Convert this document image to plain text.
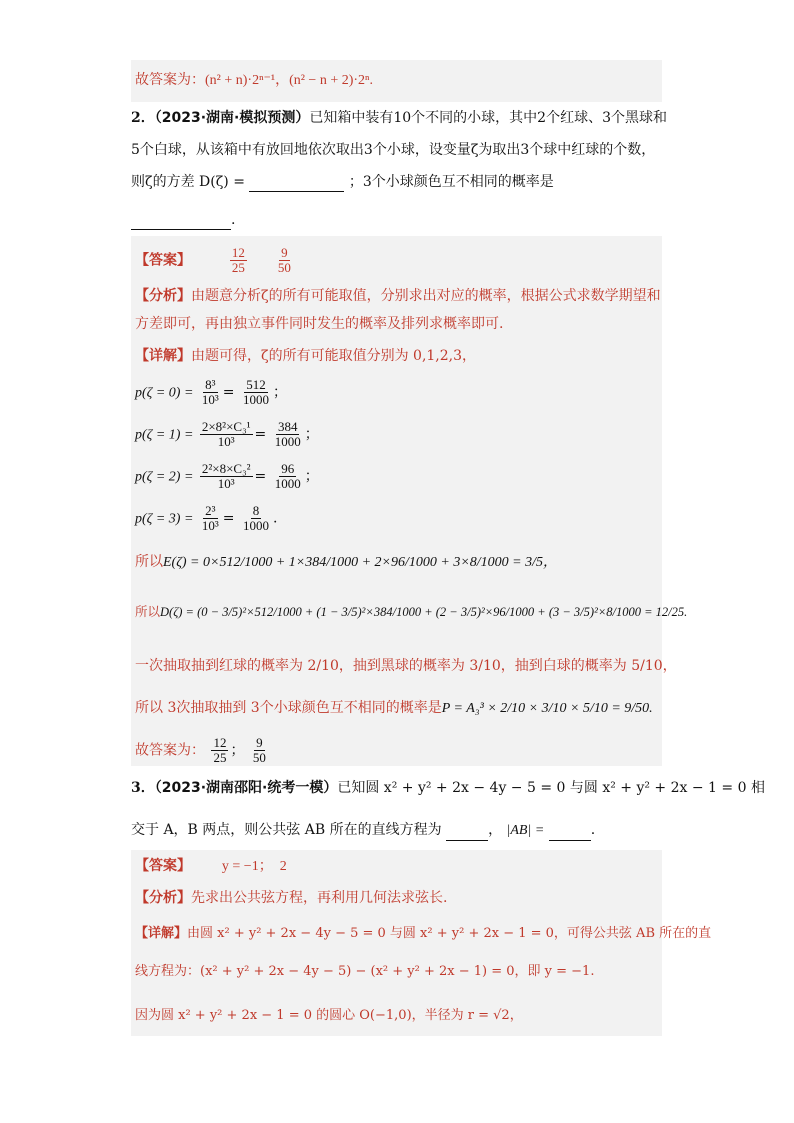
故答案为：(n² + n)·2ⁿ⁻¹，(n² − n + 2)·2ⁿ.
2．（2023·湖南·模拟预测）已知箱中装有10个不同的小球，其中2个红球、3个黑球和
5个白球，从该箱中有放回地依次取出3个小球，设变量ζ为取出3个球中红球的个数，
则ζ的方差 D(ζ) =	；3个小球颜色互不相同的概率是
.
【答案】	$\frac{12}{25}$
$\frac{9}{50}$
【分析】由题意分析ζ的所有可能取值，分别求出对应的概率，根据公式求数学期望和
方差即可，再由独立事件同时发生的概率及排列求概率即可.
【详解】由题可得，ζ的所有可能取值分别为 0,1,2,3，
$p(\zeta = 0) = \frac{\text{8³}}{\text{10³}} = \frac{512}{1000}$ ；
$p(\zeta = 1) = \frac{\text{2×8²×C₃¹}}{\text{10³}} = \frac{384}{1000}$ ；
$p(\zeta = 2) = \frac{\text{2²×8×C₃²}}{\text{10³}} = \frac{96}{1000}$ ；
$p(\zeta = 3) = \frac{\text{2³}}{\text{10³}} = \frac{8}{1000}$ .
所以E(ζ) = 0×512/1000 + 1×384/1000 + 2×96/1000 + 3×8/1000 = 3/5，
所以D(ζ) = (0 − 3/5)²×512/1000 + (1 − 3/5)²×384/1000 + (2 − 3/5)²×96/1000 + (3 − 3/5)²×8/1000 = 12/25.
一次抽取抽到红球的概率为 2/10，抽到黑球的概率为 3/10，抽到白球的概率为 5/10，
所以 3次抽取抽到 3个小球颜色互不相同的概率是P = A₃³ × 2/10 × 3/10 × 5/10 = 9/50.
故答案为： $\frac{12}{25}$ ； $\frac{9}{50}$
3．（2023·湖南邵阳·统考一模）已知圆 x² + y² + 2x − 4y − 5 = 0 与圆 x² + y² + 2x − 1 = 0 相
交于 A，B 两点，则公共弦 AB 所在的直线方程为	， |AB| =	.
【答案】 y = −1；　2
【分析】先求出公共弦方程，再利用几何法求弦长.
【详解】由圆 x² + y² + 2x − 4y − 5 = 0 与圆 x² + y² + 2x − 1 = 0，可得公共弦 AB 所在的直
线方程为：(x² + y² + 2x − 4y − 5) − (x² + y² + 2x − 1) = 0，即 y = −1.
因为圆 x² + y² + 2x − 1 = 0 的圆心 O(−1,0)，半径为 r = √2，
